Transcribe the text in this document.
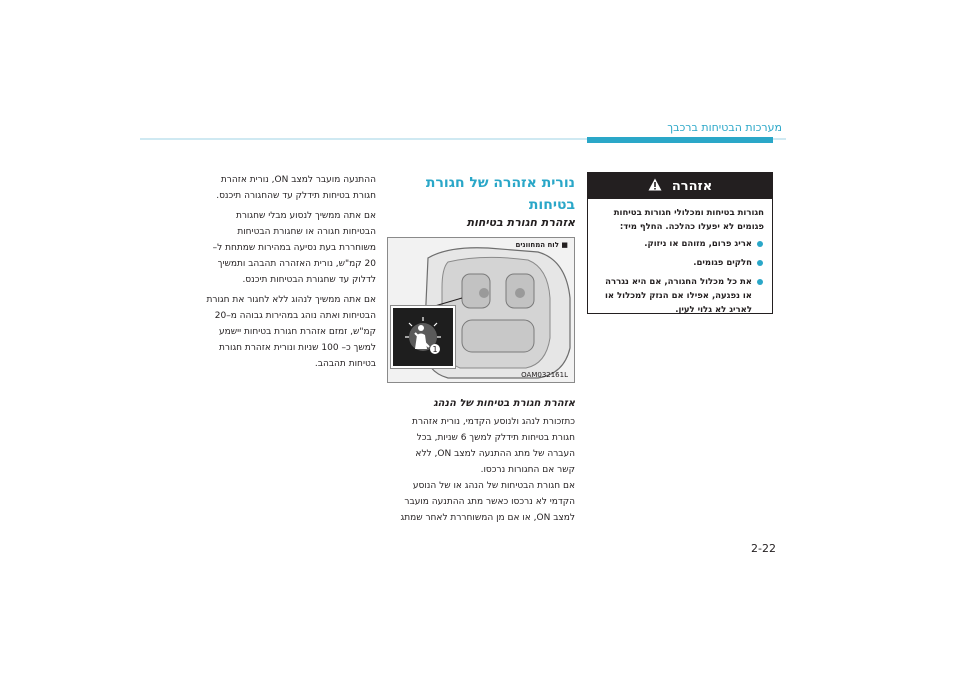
מערכות הבטיחות ברכבך
אזהרה

חגורות בטיחות ומכלולי חגורות בטיחות פגומים לא יפעלו כהלכה. החלף מיד:

אריג פרום, מזוהם או ניזוק.
חלקים פגומים.
את כל מכלול החגורה, אם היא נגררה או נפגעה, אפילו אם הנזק למכלול או לאריג לא גלוי לעין.
נורית אזהרה של חגורת
בטיחות
אזהרת חגורת בטיחות
■ לוח המחוונים
1
OAM032161L
אזהרת חגורת בטיחות של הנהג
כתזכורת לנהג ולנוסע הקדמי, נורית אזהרת
חגורת בטיחות תידלק למשך 6 שניות, בכל
העברה של מתג ההתנעה למצב ON, ללא
קשר אם החגורות נרכסו.
אם חגורת הבטיחות של הנהג או של הנוסע
הקדמי לא נרכסו כאשר מתג ההתנעה מועבר
למצב ON, או אם מן המשוחררת לאחר שמתג
ההתנעה מועבר למצב ON, נורית אזהרת
חגורת בטיחות תידלק עד שהחגורה תיכנס.
אם אתה ממשיך לנסוע מבלי שחגורת
הבטיחות חגורה או שחגורת הבטיחות
משוחררת בעת נסיעה במהירות שמתחת ל–
20 קמ"ש, נורית האזהרה תהבהב ותמשיך
לדלוק עד שחגורת הבטיחות תיכנס.
אם אתה ממשיך לנהוג ללא לחגור את חגורת
הבטיחות ואתה נוהג במהירות גבוהה מ–20
קמ"ש, זמזם אזהרת חגורת בטיחות יישמע
למשך כ– 100 שניות ונורית אזהרת חגורת
בטיחות תהבהב.
2-22
